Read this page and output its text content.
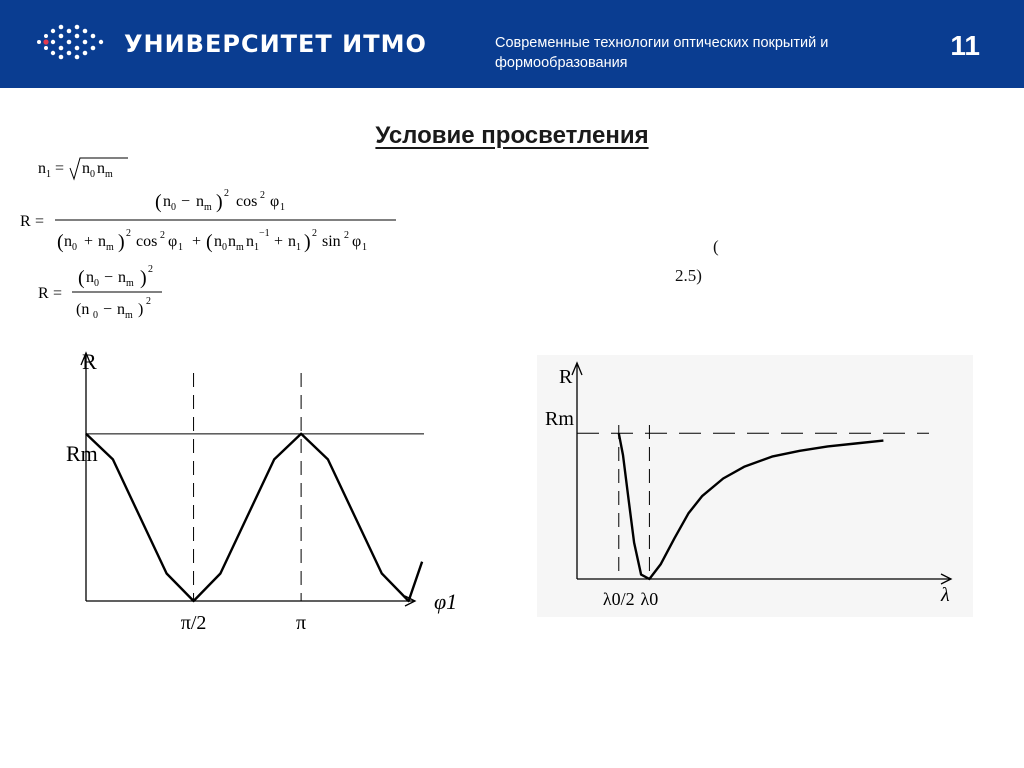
УНИВЕРСИТЕТ ИТМО	Современные технологии оптических покрытий и формообразования
11
Условие просветления
n 1 = n 0 n m
R =
( n 0 − n m ) 2 cos 2 φ 1
( n 0 + n m ) 2 cos 2 φ 1 + ( n 0 n m n 1
−1 + n 1 ) 2 sin 2 φ 1
R =
( n 0 − n m ) 2
(n 0 − n m ) 2
(
2.5)
R
φ1
Rm
π/2	π
R
λ
Rm
λ0/2 λ0
